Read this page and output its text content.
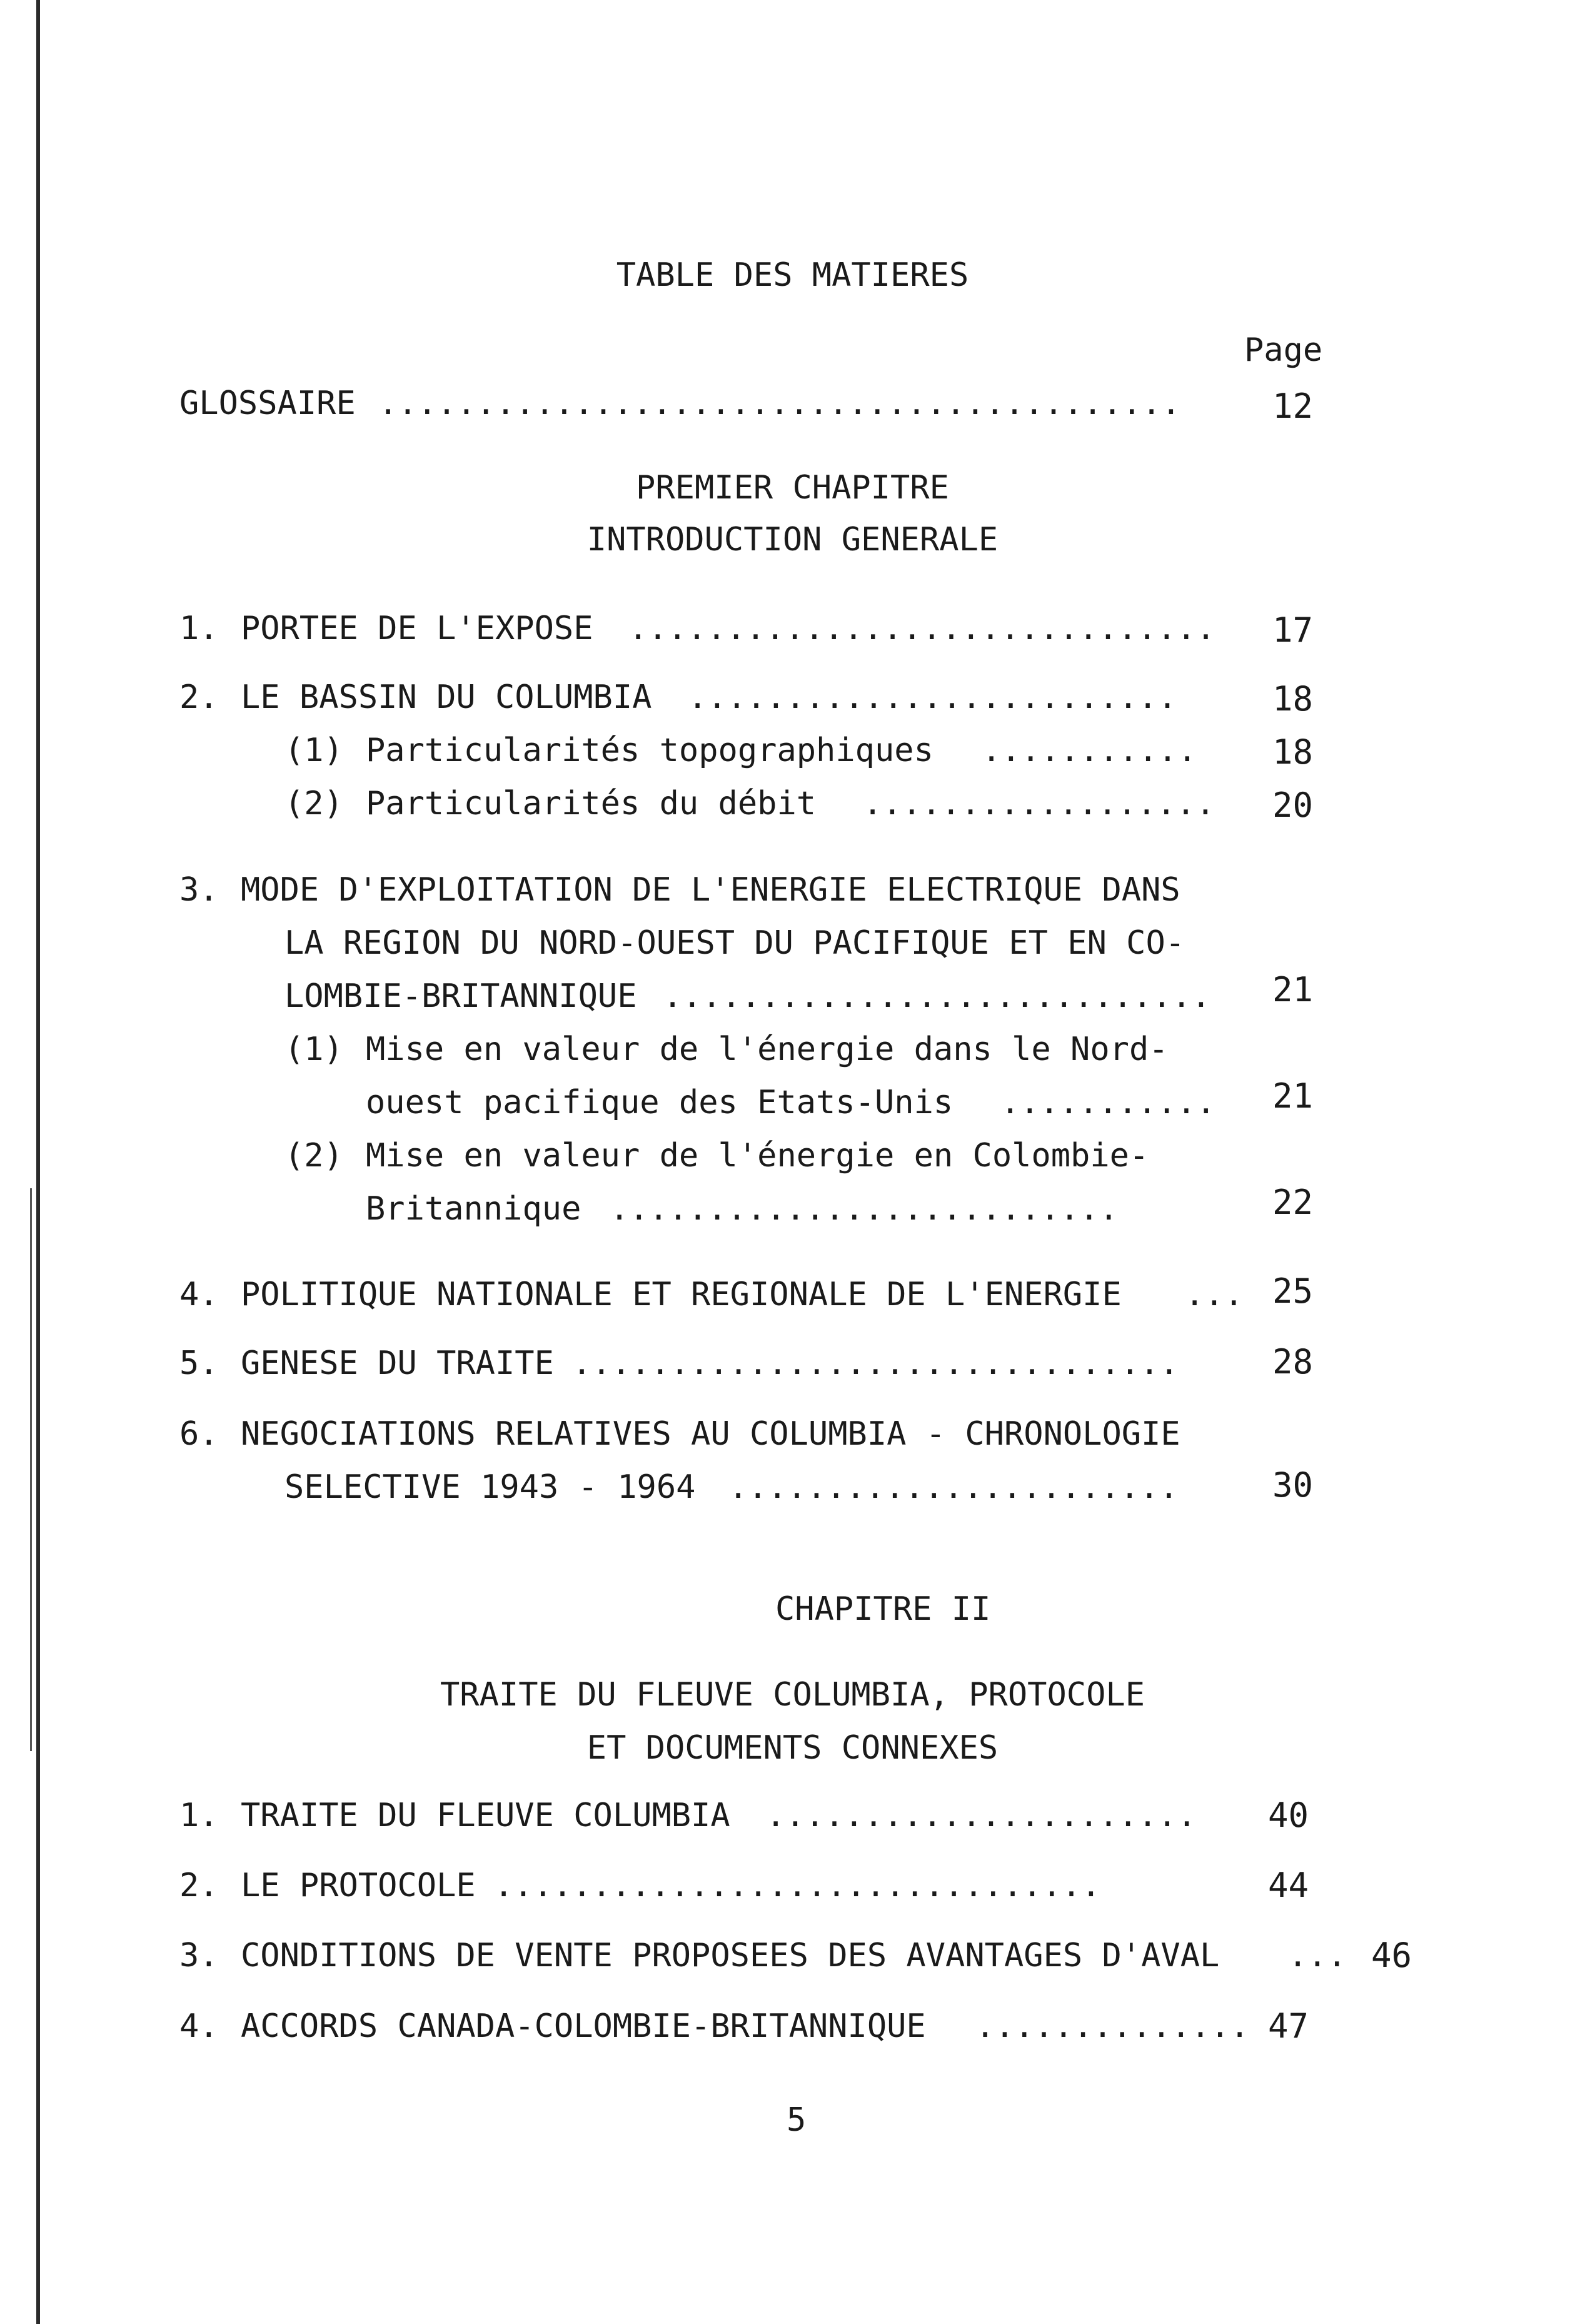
TABLE DES MATIERES
Page
GLOSSAIRE .........................................	12
PREMIER CHAPITRE
INTRODUCTION GENERALE
1. PORTEE DE L'EXPOSE .............................. 17
2. LE BASSIN DU COLUMBIA .........................	18
(1) Particularités topographiques ........... 18
(2) Particularités du débit .................. 20
3. MODE D'EXPLOITATION DE L'ENERGIE ELECTRIQUE DANS
LA REGION DU NORD-OUEST DU PACIFIQUE ET EN CO-
LOMBIE-BRITANNIQUE ............................ 21
(1) Mise en valeur de l'énergie dans le Nord-
ouest pacifique des Etats-Unis ........... 21
(2) Mise en valeur de l'énergie en Colombie-
Britannique ..........................	22
4. POLITIQUE NATIONALE ET REGIONALE DE L'ENERGIE ... 25
5. GENESE DU TRAITE ...............................	28
6. NEGOCIATIONS RELATIVES AU COLUMBIA - CHRONOLOGIE
SELECTIVE 1943 - 1964 .......................	30
CHAPITRE II
TRAITE DU FLEUVE COLUMBIA, PROTOCOLE
ET DOCUMENTS CONNEXES
1. TRAITE DU FLEUVE COLUMBIA ...................... 40
2. LE PROTOCOLE ...............................	44
3. CONDITIONS DE VENTE PROPOSEES DES AVANTAGES D'AVAL ... 46
4. ACCORDS CANADA-COLOMBIE-BRITANNIQUE .............. 47
5
